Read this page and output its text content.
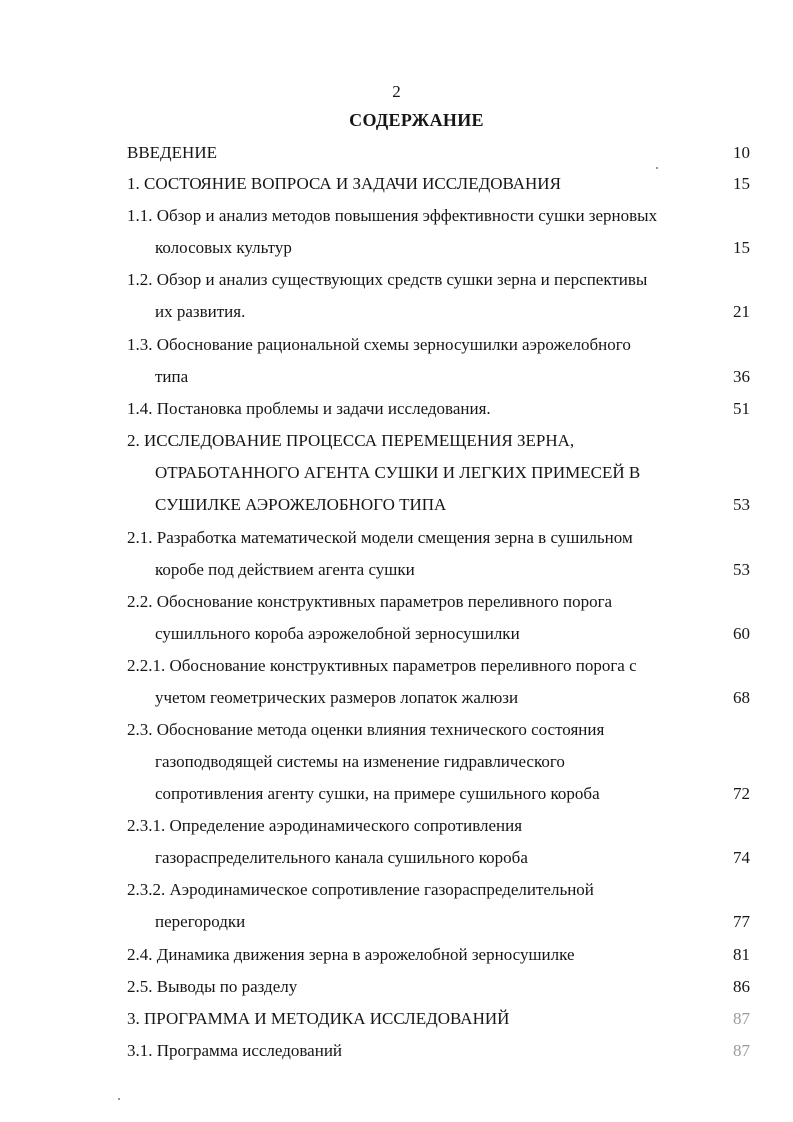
2
СОДЕРЖАНИЕ
ВВЕДЕНИЕ	10
1. СОСТОЯНИЕ ВОПРОСА И ЗАДАЧИ ИССЛЕДОВАНИЯ	15
1.1. Обзор и анализ методов повышения эффективности сушки зерновых
колосовых культур	15
1.2. Обзор и анализ существующих средств сушки зерна и перспективы
их развития.	21
1.3. Обоснование рациональной схемы зерносушилки аэрожелобного
типа	36
1.4. Постановка проблемы и задачи исследования.	51
2. ИССЛЕДОВАНИЕ ПРОЦЕССА ПЕРЕМЕЩЕНИЯ ЗЕРНА,
ОТРАБОТАННОГО АГЕНТА СУШКИ И ЛЕГКИХ ПРИМЕСЕЙ В
СУШИЛКЕ АЭРОЖЕЛОБНОГО ТИПА	53
2.1. Разработка математической модели смещения зерна в сушильном
коробе под действием агента сушки	53
2.2. Обоснование конструктивных параметров переливного порога
сушилльного короба аэрожелобной зерносушилки	60
2.2.1. Обоснование конструктивных параметров переливного порога с
учетом геометрических размеров лопаток жалюзи	68
2.3. Обоснование метода оценки влияния технического состояния
газоподводящей системы на изменение гидравлического
сопротивления агенту сушки, на примере сушильного короба	72
2.3.1. Определение аэродинамического сопротивления
газораспределительного канала сушильного короба	74
2.3.2. Аэродинамическое сопротивление газораспределительной
перегородки	77
2.4. Динамика движения зерна в аэрожелобной зерносушилке	81
2.5. Выводы по разделу	86
3. ПРОГРАММА И МЕТОДИКА ИССЛЕДОВАНИЙ	87
3.1. Программа исследований	87
